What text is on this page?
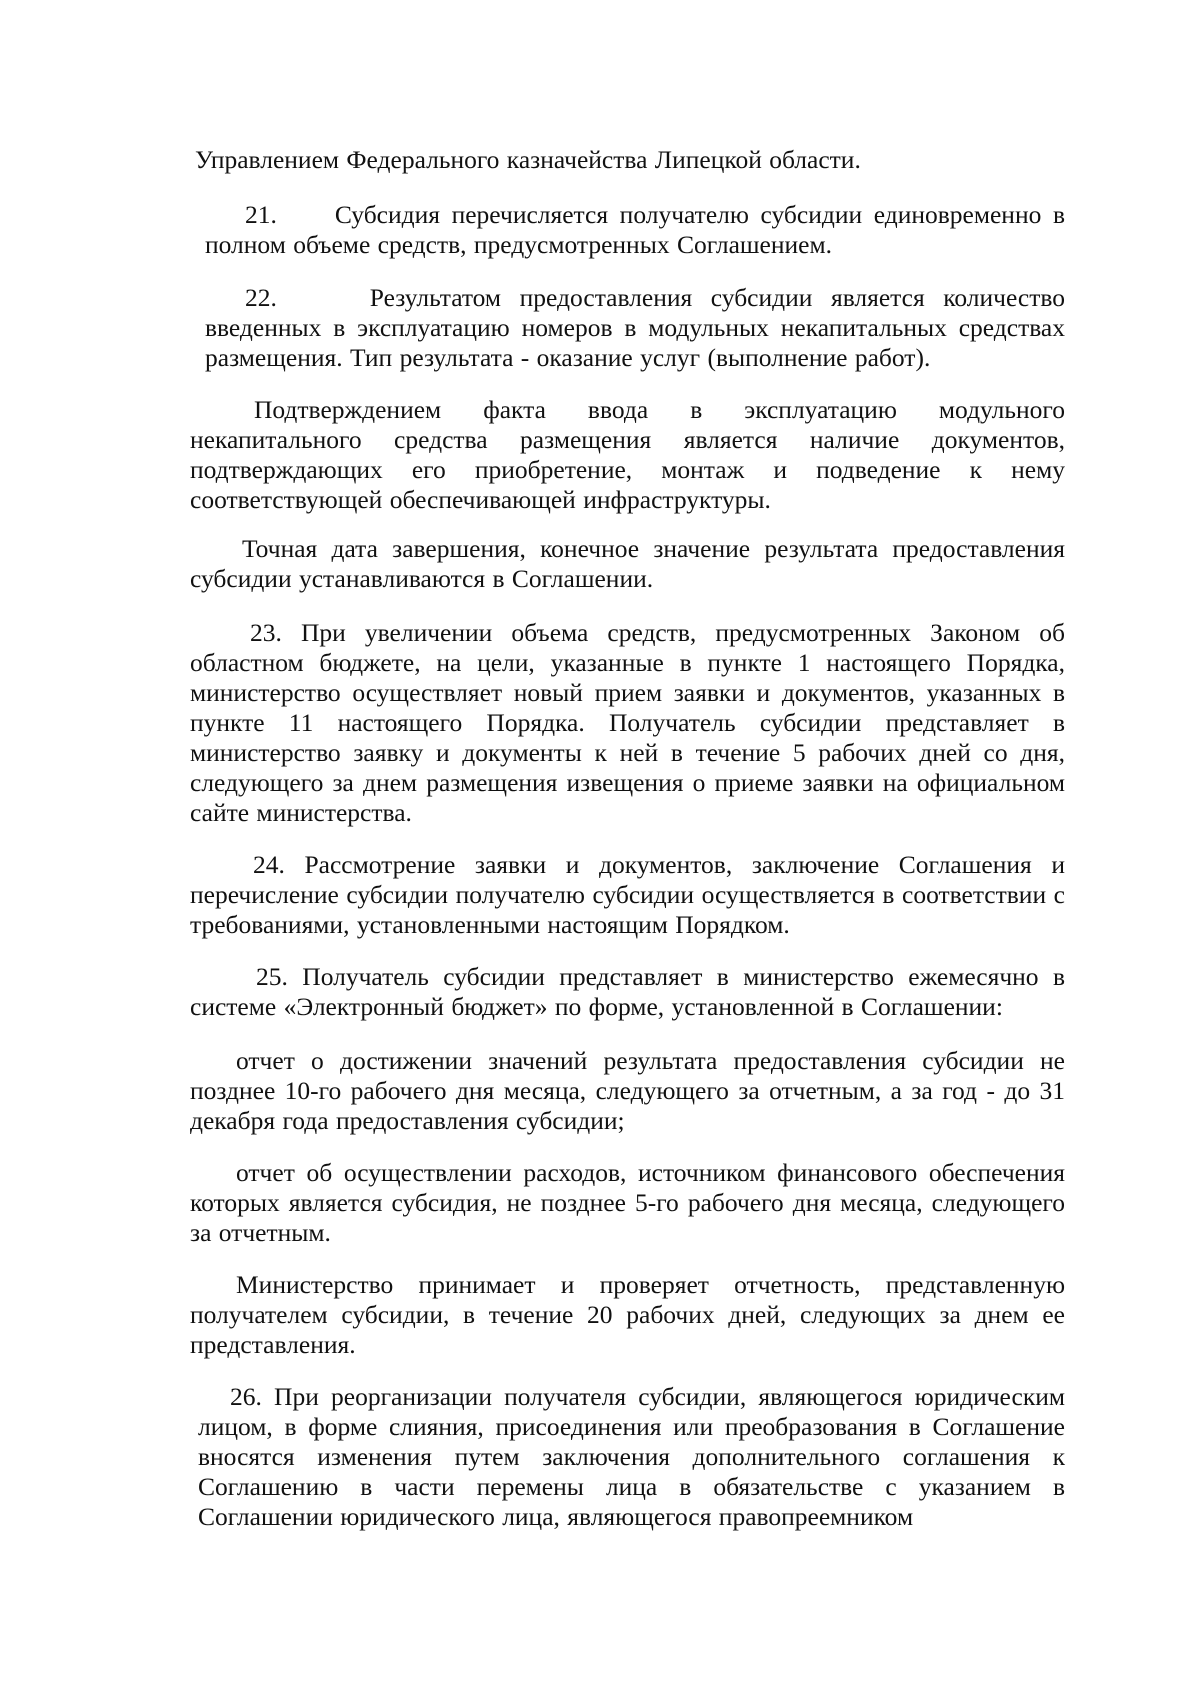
Управлением Федерального казначейства Липецкой области.

21.     Субсидия перечисляется получателю субсидии единовременно в полном объеме средств, предусмотренных Соглашением.

22.     Результатом предоставления субсидии является количество введенных в эксплуатацию номеров в модульных некапитальных средствах размещения. Тип результата - оказание услуг (выполнение работ).

Подтверждением факта ввода в эксплуатацию модульного некапитального средства размещения является наличие документов, подтверждающих его приобретение, монтаж и подведение к нему соответствующей обеспечивающей инфраструктуры.

Точная дата завершения, конечное значение результата предоставления субсидии устанавливаются в Соглашении.

23. При увеличении объема средств, предусмотренных Законом об областном бюджете, на цели, указанные в пункте 1 настоящего Порядка, министерство осуществляет новый прием заявки и документов, указанных в пункте 11 настоящего Порядка. Получатель субсидии представляет в министерство заявку и документы к ней в течение 5 рабочих дней со дня, следующего за днем размещения извещения о приеме заявки на официальном сайте министерства.

24. Рассмотрение заявки и документов, заключение Соглашения и перечисление субсидии получателю субсидии осуществляется в соответствии с требованиями, установленными настоящим Порядком.

25. Получатель субсидии представляет в министерство ежемесячно в системе «Электронный бюджет» по форме, установленной в Соглашении:

отчет о достижении значений результата предоставления субсидии не позднее 10-го рабочего дня месяца, следующего за отчетным, а за год - до 31 декабря года предоставления субсидии;

отчет об осуществлении расходов, источником финансового обеспечения которых является субсидия, не позднее 5-го рабочего дня месяца, следующего за отчетным.

Министерство принимает и проверяет отчетность, представленную получателем субсидии, в течение 20 рабочих дней, следующих за днем ее представления.

26. При реорганизации получателя субсидии, являющегося юридическим лицом, в форме слияния, присоединения или преобразования в Соглашение вносятся изменения путем заключения дополнительного соглашения к Соглашению в части перемены лица в обязательстве с указанием в Соглашении юридического лица, являющегося правопреемником
